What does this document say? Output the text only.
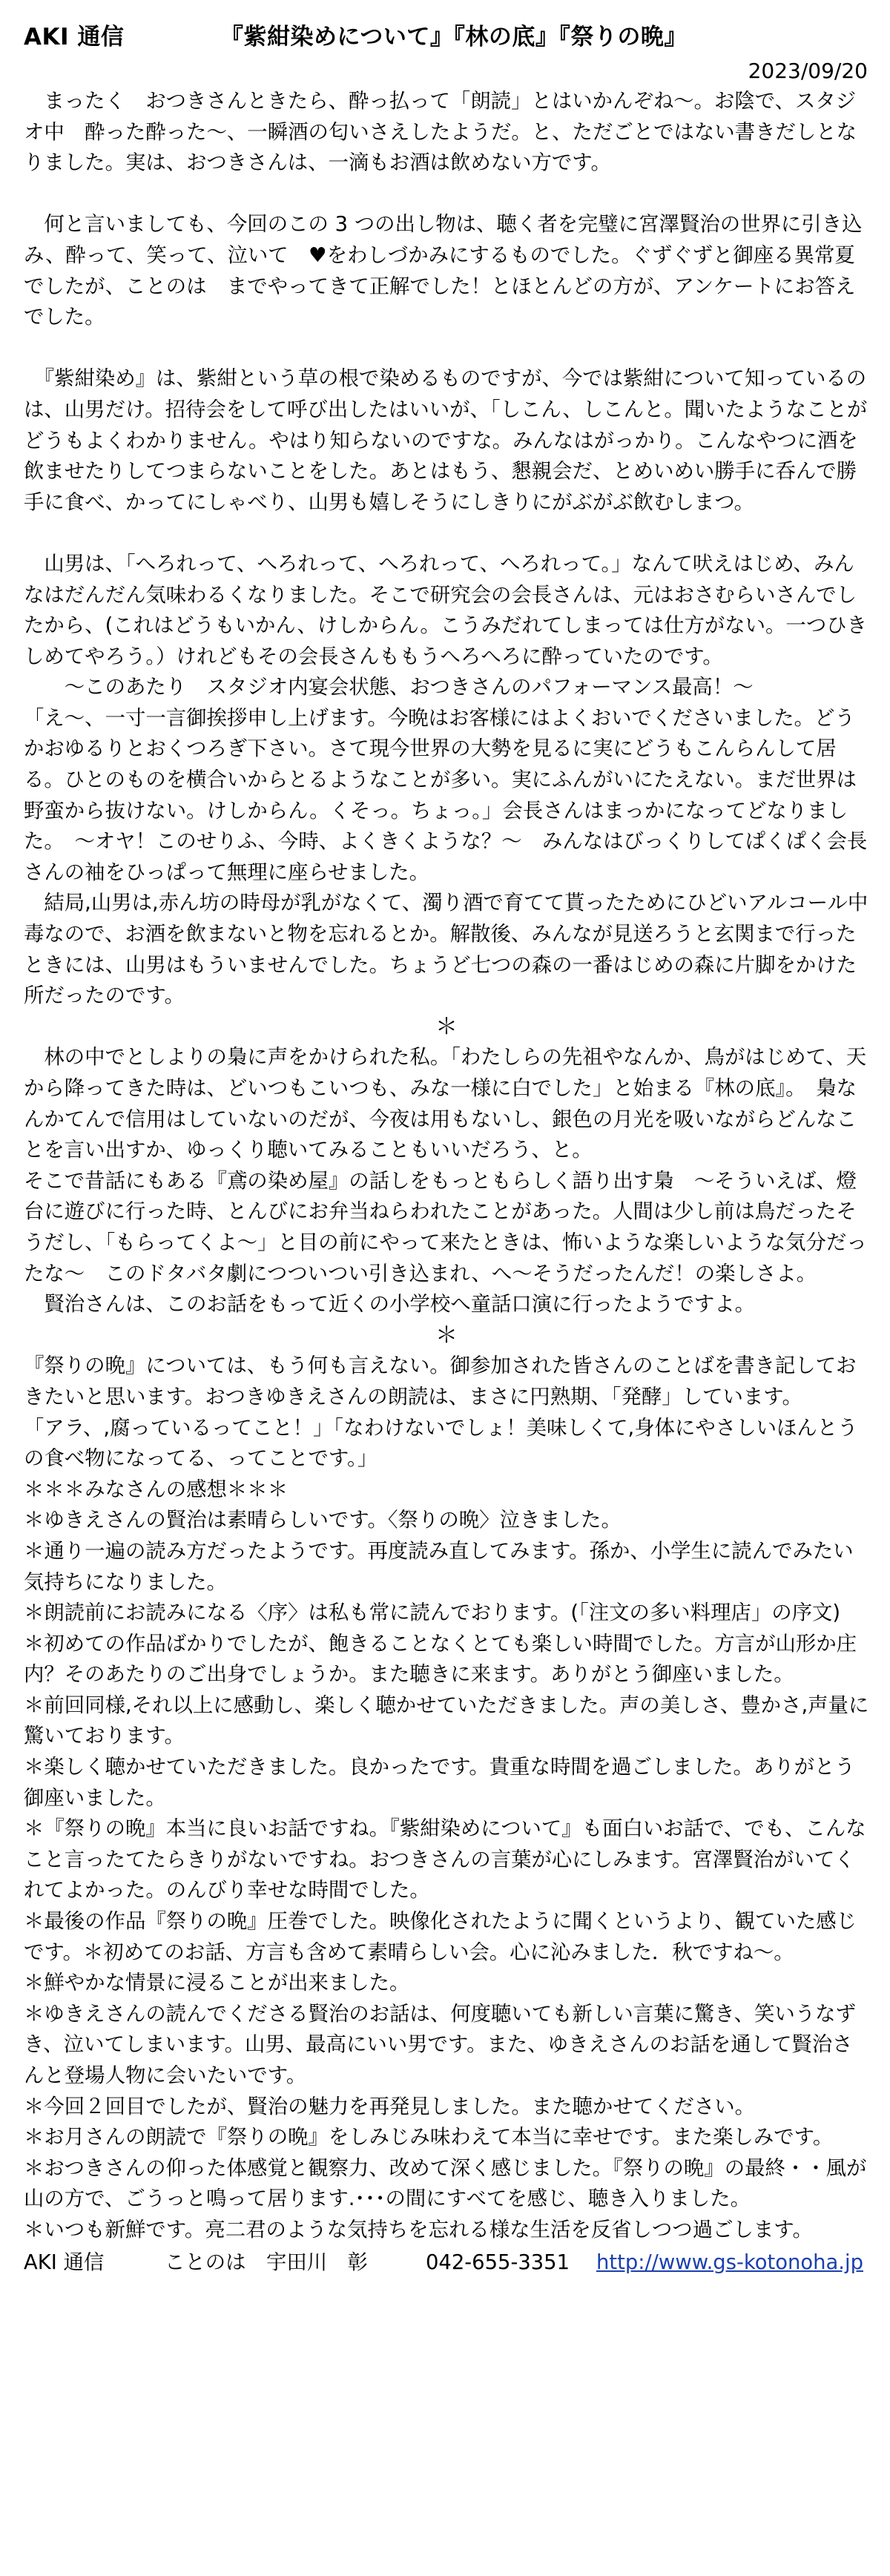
AKI 通信	『紫紺染めについて』『林の底』『祭りの晩』
2023/09/20

　まったく　おつきさんときたら、酔っ払って「朗読」とはいかんぞね〜。お陰で、スタジオ中　酔った酔った〜、一瞬酒の匂いさえしたようだ。と、ただごとではない書きだしとなりました。実は、おつきさんは、一滴もお酒は飲めない方です。

　何と言いましても、今回のこの 3 つの出し物は、聴く者を完璧に宮澤賢治の世界に引き込み、酔って、笑って、泣いて　♥をわしづかみにするものでした。ぐずぐずと御座る異常夏でしたが、ことのは　までやってきて正解でした！とほとんどの方が、アンケートにお答えでした。

　『紫紺染め』は、紫紺という草の根で染めるものですが、今では紫紺について知っているのは、山男だけ。招待会をして呼び出したはいいが、「しこん、しこんと。聞いたようなことがどうもよくわかりません。やはり知らないのですな。みんなはがっかり。こんなやつに酒を飲ませたりしてつまらないことをした。あとはもう、懇親会だ、とめいめい勝手に呑んで勝手に食べ、かってにしゃべり、山男も嬉しそうにしきりにがぶがぶ飲むしまつ。

　山男は、「へろれって、へろれって、へろれって、へろれって。」なんて吠えはじめ、みんなはだんだん気味わるくなりました。そこで研究会の会長さんは、元はおさむらいさんでしたから、(これはどうもいかん、けしからん。こうみだれてしまっては仕方がない。一つひきしめてやろう。）けれどもその会長さんももうへろへろに酔っていたのです。

　　〜このあたり　スタジオ内宴会状態、おつきさんのパフォーマンス最高！〜

「え〜、一寸一言御挨拶申し上げます。今晩はお客様にはよくおいでくださいました。どうかおゆるりとおくつろぎ下さい。さて現今世界の大勢を見るに実にどうもこんらんして居る。ひとのものを横合いからとるようなことが多い。実にふんがいにたえない。まだ世界は野蛮から抜けない。けしからん。くそっ。ちょっ。」会長さんはまっかになってどなりました。　〜オヤ！このせりふ、今時、よくきくような？〜　みんなはびっくりしてぱくぱく会長さんの袖をひっぱって無理に座らせました。

　結局,山男は,赤ん坊の時母が乳がなくて、濁り酒で育てて貰ったためにひどいアルコール中毒なので、お酒を飲まないと物を忘れるとか。解散後、みんなが見送ろうと玄関まで行ったときには、山男はもういませんでした。ちょうど七つの森の一番はじめの森に片脚をかけた所だったのです。

＊

　林の中でとしよりの梟に声をかけられた私。「わたしらの先祖やなんか、鳥がはじめて、天から降ってきた時は、どいつもこいつも、みな一様に白でした」と始まる『林の底』。　梟なんかてんで信用はしていないのだが、今夜は用もないし、銀色の月光を吸いながらどんなことを言い出すか、ゆっくり聴いてみることもいいだろう、と。

そこで昔話にもある『鳶の染め屋』の話しをもっともらしく語り出す梟　〜そういえば、燈台に遊びに行った時、とんびにお弁当ねらわれたことがあった。人間は少し前は鳥だったそうだし、「もらってくよ〜」と目の前にやって来たときは、怖いような楽しいような気分だったな〜　このドタバタ劇につついつい引き込まれ、へ〜そうだったんだ！の楽しさよ。

　賢治さんは、このお話をもって近くの小学校へ童話口演に行ったようですよ。

＊

『祭りの晩』については、もう何も言えない。御参加された皆さんのことばを書き記しておきたいと思います。おつきゆきえさんの朗読は、まさに円熟期、「発酵」しています。

「アラ、,腐っているってこと！」「なわけないでしょ！美味しくて,身体にやさしいほんとうの食べ物になってる、ってことです。」

＊＊＊みなさんの感想＊＊＊

＊ゆきえさんの賢治は素晴らしいです。〈祭りの晩〉泣きました。

＊通り一遍の読み方だったようです。再度読み直してみます。孫か、小学生に読んでみたい気持ちになりました。

＊朗読前にお読みになる〈序〉は私も常に読んでおります。(「注文の多い料理店」の序文)

＊初めての作品ばかりでしたが、飽きることなくとても楽しい時間でした。方言が山形か庄内？そのあたりのご出身でしょうか。また聴きに来ます。ありがとう御座いました。

＊前回同様,それ以上に感動し、楽しく聴かせていただきました。声の美しさ、豊かさ,声量に驚いております。

＊楽しく聴かせていただきました。良かったです。貴重な時間を過ごしました。ありがとう御座いました。

＊『祭りの晩』本当に良いお話ですね。『紫紺染めについて』も面白いお話で、でも、こんなこと言ったてたらきりがないですね。おつきさんの言葉が心にしみます。宮澤賢治がいてくれてよかった。のんびり幸せな時間でした。

＊最後の作品『祭りの晩』圧巻でした。映像化されたように聞くというより、観ていた感じです。＊初めてのお話、方言も含めて素晴らしい会。心に沁みました．秋ですね〜。

＊鮮やかな情景に浸ることが出来ました。

＊ゆきえさんの読んでくださる賢治のお話は、何度聴いても新しい言葉に驚き、笑いうなずき、泣いてしまいます。山男、最高にいい男です。また、ゆきえさんのお話を通して賢治さんと登場人物に会いたいです。

＊今回２回目でしたが、賢治の魅力を再発見しました。また聴かせてください。

＊お月さんの朗読で『祭りの晩』をしみじみ味わえて本当に幸せです。また楽しみです。

＊おつきさんの仰った体感覚と観察力、改めて深く感じました。『祭りの晩』の最終・・風が山の方で、ごうっと鳴って居ります.･･･の間にすべてを感じ、聴き入りました。

＊いつも新鮮です。亮二君のような気持ちを忘れる様な生活を反省しつつ過ごします。

AKI 通信	ことのは　宇田川　彰	042-655-3351 http://www.gs-kotonoha.jp
